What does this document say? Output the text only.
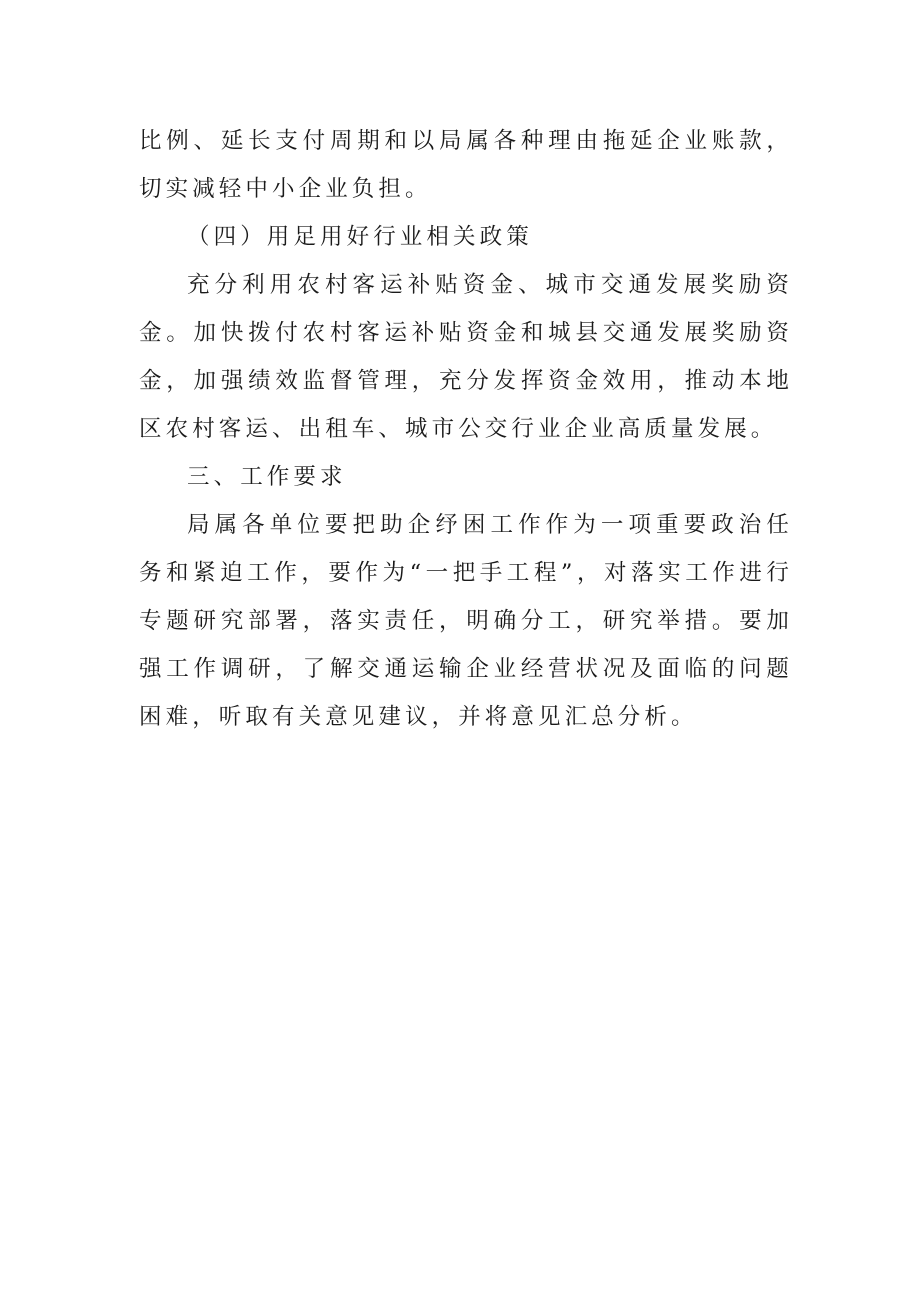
比例、延长支付周期和以局属各种理由拖延企业账款，切实减轻中小企业负担。

（四）用足用好行业相关政策

充分利用农村客运补贴资金、城市交通发展奖励资金。加快拨付农村客运补贴资金和城县交通发展奖励资金，加强绩效监督管理，充分发挥资金效用，推动本地区农村客运、出租车、城市公交行业企业高质量发展。

三、工作要求

局属各单位要把助企纾困工作作为一项重要政治任务和紧迫工作，要作为“一把手工程”，对落实工作进行专题研究部署，落实责任，明确分工，研究举措。要加强工作调研，了解交通运输企业经营状况及面临的问题困难，听取有关意见建议，并将意见汇总分析。
